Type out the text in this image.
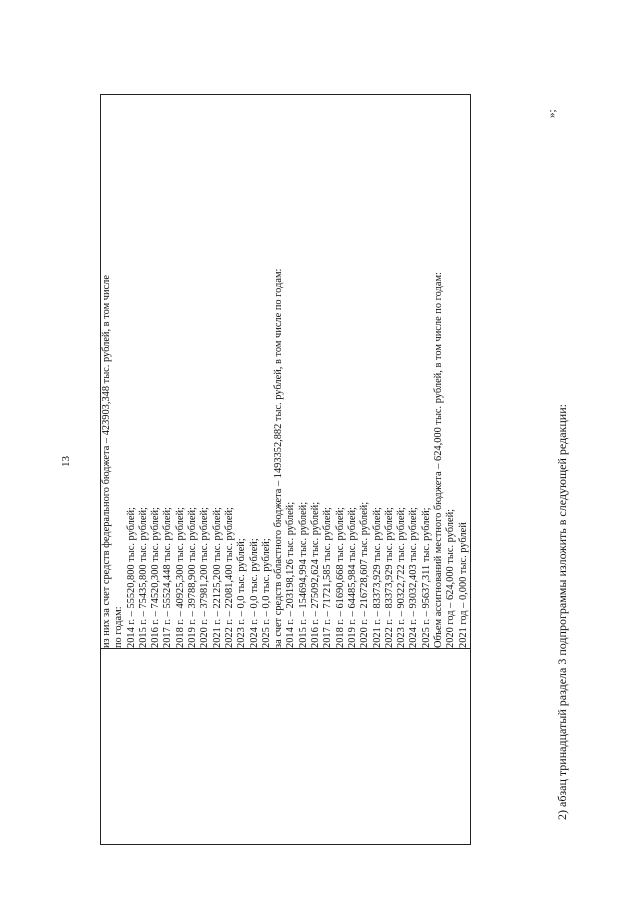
13
		из них за счет средств федерального бюджета – 423903,348 тыс. рублей, в том числе по годам: 2014 г. – 55520,800 тыс. рублей; 2015 г. – 75435,800 тыс. рублей; 2016 г. – 74520,300 тыс. рублей; 2017 г. – 55524,448 тыс. рублей; 2018 г. – 40925,300 тыс. рублей; 2019 г. – 39788,900 тыс. рублей; 2020 г. – 37981,200 тыс. рублей; 2021 г. – 22125,200 тыс. рублей; 2022 г. – 22081,400 тыс. рублей; 2023 г. – 0,0 тыс. рублей; 2024 г. – 0,0 тыс. рублей; 2025 г. – 0,0 тыс. рублей; за счет средств областного бюджета – 1493352,882 тыс. рублей, в том числе по годам: 2014 г. – 203198,126 тыс. рублей; 2015 г. – 154694,994 тыс. рублей; 2016 г. – 275092,624 тыс. рублей; 2017 г. – 71721,585 тыс. рублей; 2018 г. – 61690,668 тыс. рублей; 2019 г. – 64485,984 тыс. рублей; 2020 г. – 216728,607 тыс. рублей; 2021 г. – 83373,929 тыс. рублей; 2022 г. – 83373,929 тыс. рублей; 2023 г. – 90322,722 тыс. рублей; 2024 г. – 93032,403 тыс. рублей; 2025 г. – 95637,311 тыс. рублей; Объем ассигнований местного бюджета – 624,000 тыс. рублей, в том числе по годам: 2020 год – 624,000 тыс. рублей; 2021 год – 0,000 тыс. рублей
»;
2) абзац тринадцатый раздела 3 подпрограммы изложить в следующей редакции:
